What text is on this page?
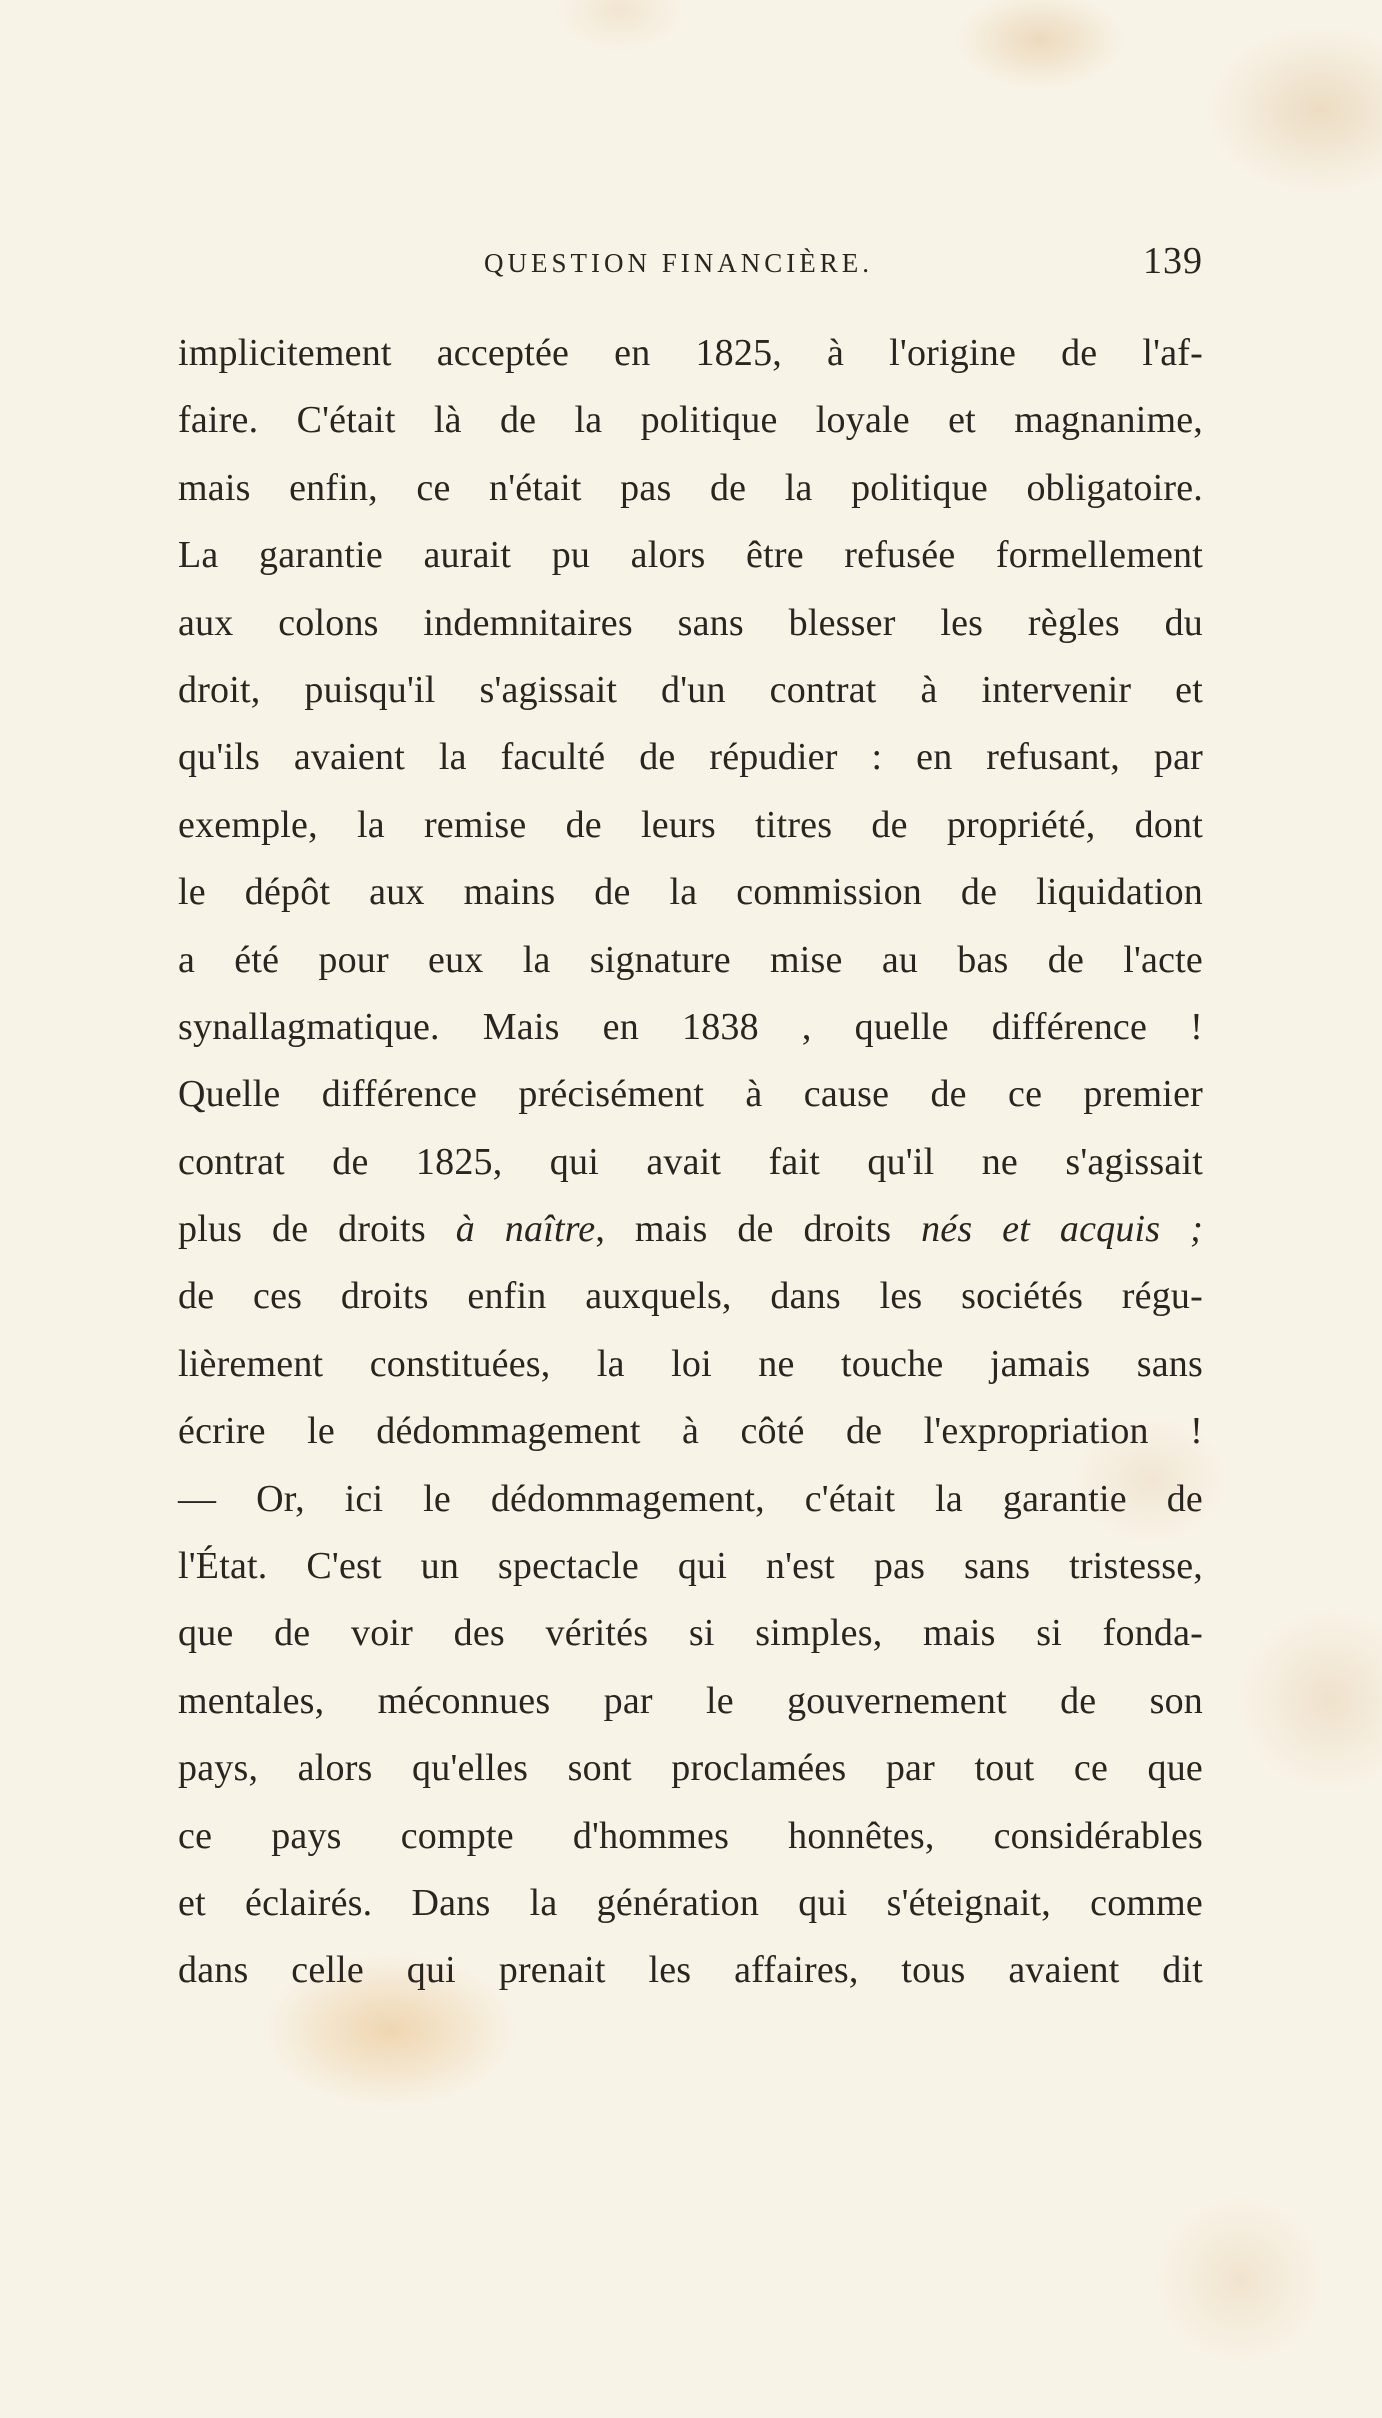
QUESTION FINANCIÈRE.	139
implicitement acceptée en 1825, à l'origine de l'af-
faire. C'était là de la politique loyale et magnanime,
mais enfin, ce n'était pas de la politique obligatoire.
La garantie aurait pu alors être refusée formellement
aux colons indemnitaires sans blesser les règles du
droit, puisqu'il s'agissait d'un contrat à intervenir et
qu'ils avaient la faculté de répudier : en refusant, par
exemple, la remise de leurs titres de propriété, dont
le dépôt aux mains de la commission de liquidation
a été pour eux la signature mise au bas de l'acte
synallagmatique. Mais en 1838 , quelle différence !
Quelle différence précisément à cause de ce premier
contrat de 1825, qui avait fait qu'il ne s'agissait
plus de droits à naître, mais de droits nés et acquis ;
de ces droits enfin auxquels, dans les sociétés régu-
lièrement constituées, la loi ne touche jamais sans
écrire le dédommagement à côté de l'expropriation !
— Or, ici le dédommagement, c'était la garantie de
l'État. C'est un spectacle qui n'est pas sans tristesse,
que de voir des vérités si simples, mais si fonda-
mentales, méconnues par le gouvernement de son
pays, alors qu'elles sont proclamées par tout ce que
ce pays compte d'hommes honnêtes, considérables
et éclairés. Dans la génération qui s'éteignait, comme
dans celle qui prenait les affaires, tous avaient dit
